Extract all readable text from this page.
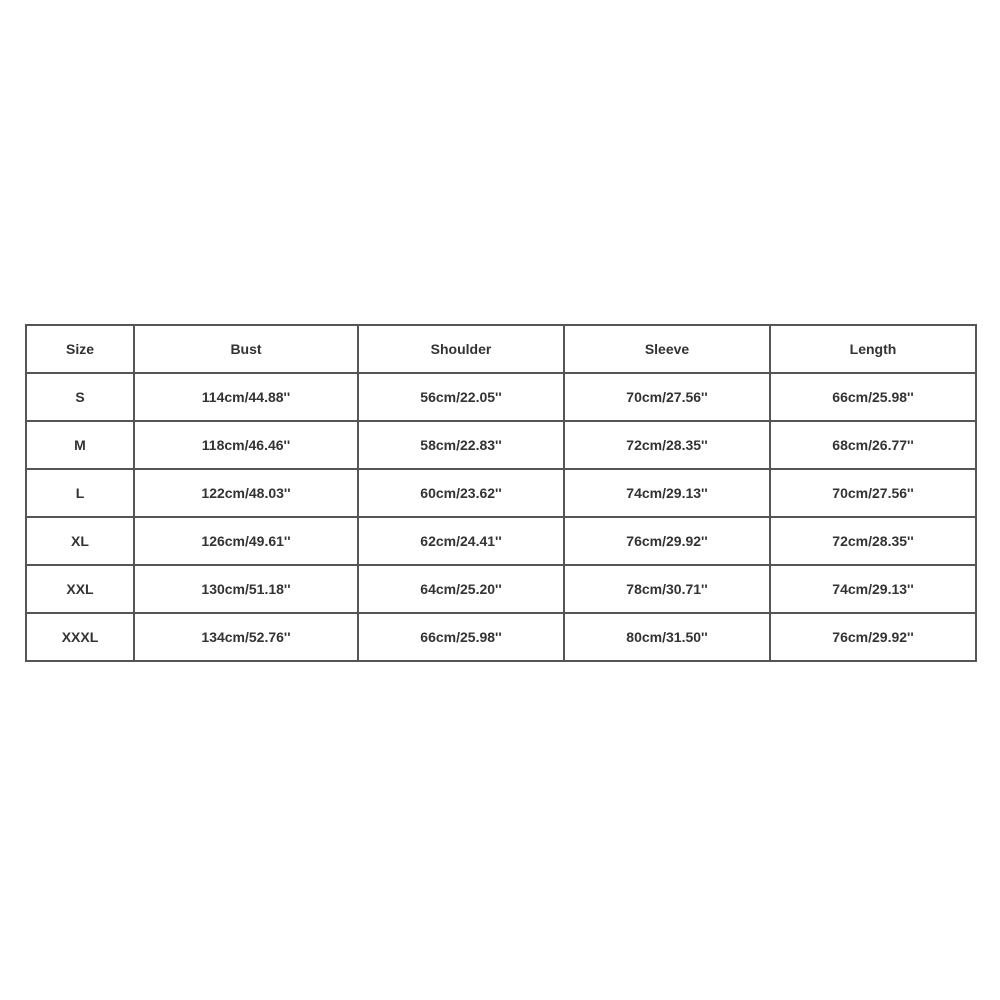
Size	Bust	Shoulder	Sleeve	Length
S	114cm/44.88''	56cm/22.05''	70cm/27.56''	66cm/25.98''
M	118cm/46.46''	58cm/22.83''	72cm/28.35''	68cm/26.77''
L	122cm/48.03''	60cm/23.62''	74cm/29.13''	70cm/27.56''
XL	126cm/49.61''	62cm/24.41''	76cm/29.92''	72cm/28.35''
XXL	130cm/51.18''	64cm/25.20''	78cm/30.71''	74cm/29.13''
XXXL	134cm/52.76''	66cm/25.98''	80cm/31.50''	76cm/29.92''
